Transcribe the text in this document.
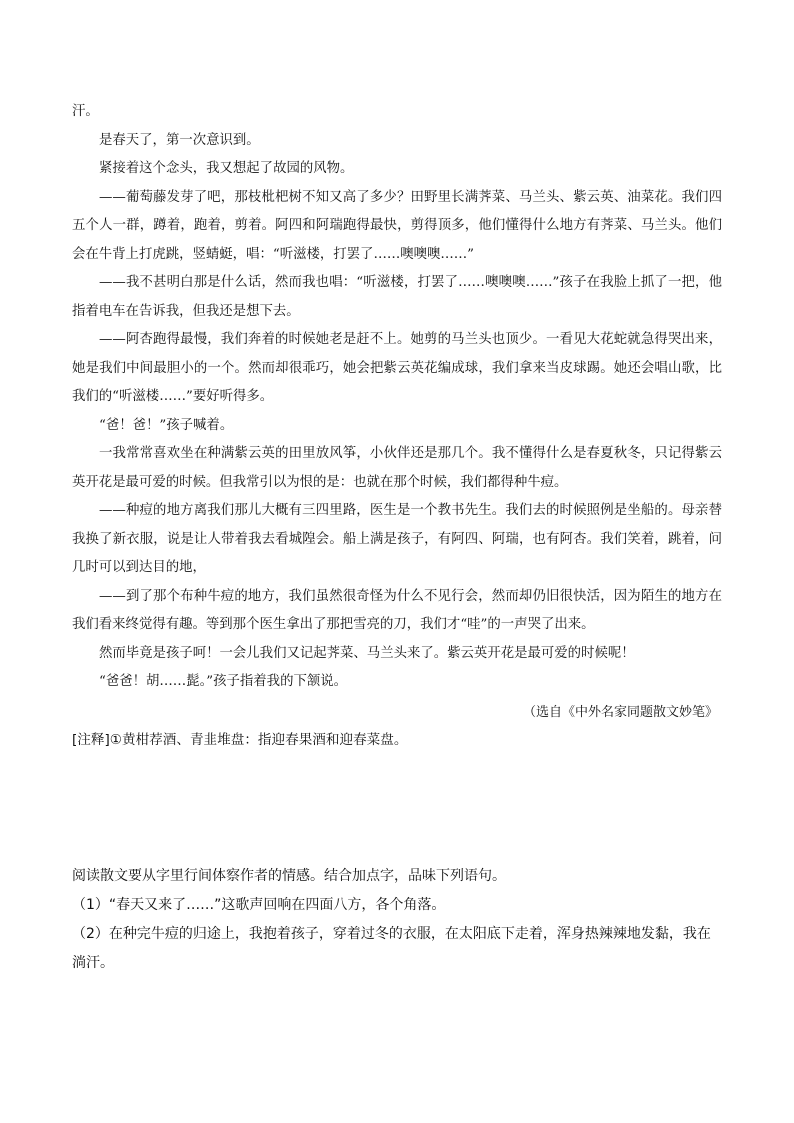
汗。

是春天了，第一次意识到。

紧接着这个念头，我又想起了故园的风物。

——葡萄藤发芽了吧，那枝枇杷树不知又高了多少？田野里长满荠菜、马兰头、紫云英、油菜花。我们四五个人一群，蹲着，跑着，剪着。阿四和阿瑞跑得最快，剪得顶多，他们懂得什么地方有荠菜、马兰头。他们会在牛背上打虎跳，竖蜻蜓，唱：“听滋楼，打罢了……噢噢噢……”

——我不甚明白那是什么话，然而我也唱：“听滋楼，打罢了……噢噢噢……”孩子在我脸上抓了一把，他指着电车在告诉我，但我还是想下去。

——阿杏跑得最慢，我们奔着的时候她老是赶不上。她剪的马兰头也顶少。一看见大花蛇就急得哭出来，她是我们中间最胆小的一个。然而却很乖巧，她会把紫云英花编成球，我们拿来当皮球踢。她还会唱山歌，比我们的“听滋楼……”要好听得多。

“爸！爸！”孩子喊着。

一我常常喜欢坐在种满紫云英的田里放风筝，小伙伴还是那几个。我不懂得什么是春夏秋冬，只记得紫云英开花是最可爱的时候。但我常引以为恨的是：也就在那个时候，我们都得种牛痘。

——种痘的地方离我们那儿大概有三四里路，医生是一个教书先生。我们去的时候照例是坐船的。母亲替我换了新衣服，说是让人带着我去看城隍会。船上满是孩子，有阿四、阿瑞，也有阿杏。我们笑着，跳着，问几时可以到达目的地，

——到了那个布种牛痘的地方，我们虽然很奇怪为什么不见行会，然而却仍旧很快活，因为陌生的地方在我们看来终觉得有趣。等到那个医生拿出了那把雪亮的刀，我们才“哇”的一声哭了出来。

然而毕竟是孩子呵！一会儿我们又记起荠菜、马兰头来了。紫云英开花是最可爱的时候呢！

“爸爸！胡……髭。”孩子指着我的下颔说。

（选自《中外名家同题散文妙笔》

[注释]①黄柑荐酒、青韭堆盘：指迎春果酒和迎春菜盘。

阅读散文要从字里行间体察作者的情感。结合加点字，品味下列语句。

（1）“春天又来了……”这歌声回响在四面八方，各个角落。

（2）在种完牛痘的归途上，我抱着孩子，穿着过冬的衣服，在太阳底下走着，浑身热辣辣地发黏，我在淌汗。
